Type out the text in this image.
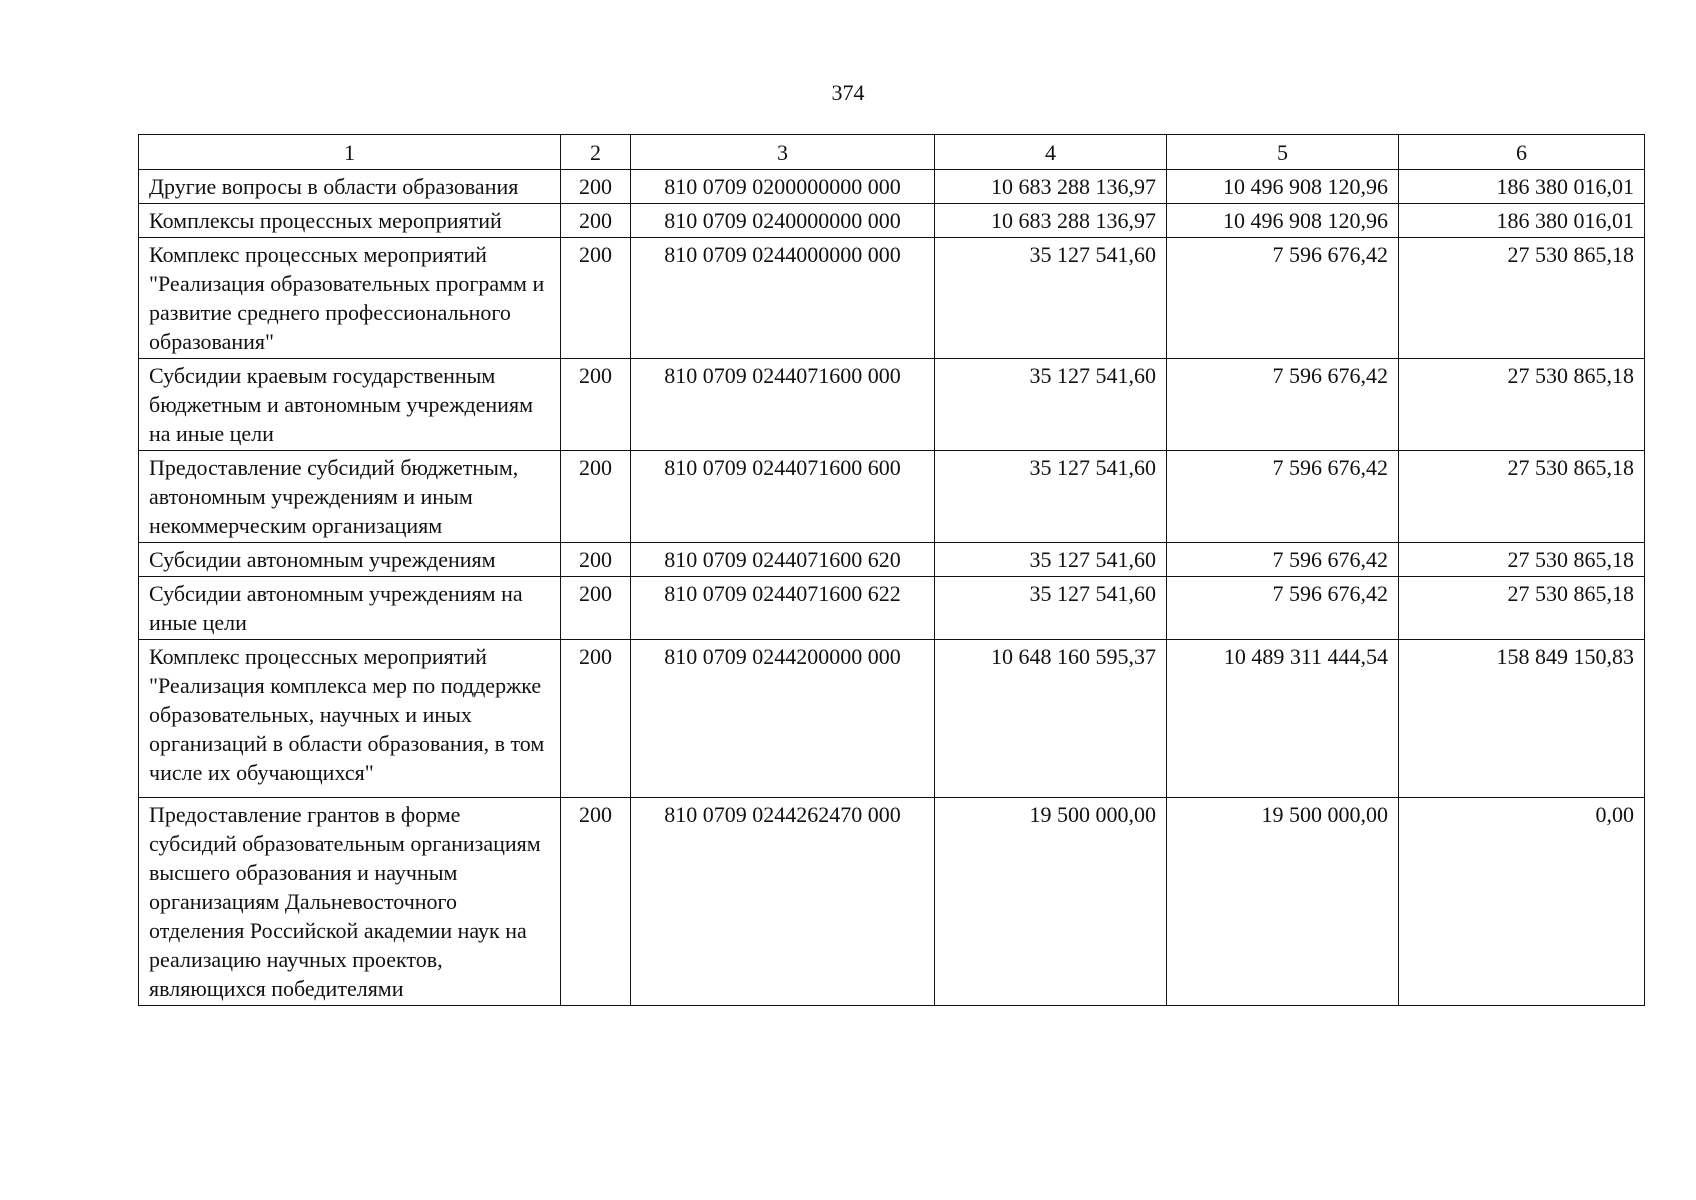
374
1	2	3	4	5	6
Другие вопросы в области образования	200	810 0709 0200000000 000	10 683 288 136,97	10 496 908 120,96	186 380 016,01
Комплексы процессных мероприятий	200	810 0709 0240000000 000	10 683 288 136,97	10 496 908 120,96	186 380 016,01
Комплекс процессных мероприятий "Реализация образовательных программ и развитие среднего профессионального образования"	200	810 0709 0244000000 000	35 127 541,60	7 596 676,42	27 530 865,18
Субсидии краевым государственным бюджетным и автономным учреждениям на иные цели	200	810 0709 0244071600 000	35 127 541,60	7 596 676,42	27 530 865,18
Предоставление субсидий бюджетным, автономным учреждениям и иным некоммерческим организациям	200	810 0709 0244071600 600	35 127 541,60	7 596 676,42	27 530 865,18
Субсидии автономным учреждениям	200	810 0709 0244071600 620	35 127 541,60	7 596 676,42	27 530 865,18
Субсидии автономным учреждениям на иные цели	200	810 0709 0244071600 622	35 127 541,60	7 596 676,42	27 530 865,18
Комплекс процессных мероприятий "Реализация комплекса мер по поддержке образовательных, научных и иных организаций в области образования, в том числе их обучающихся"	200	810 0709 0244200000 000	10 648 160 595,37	10 489 311 444,54	158 849 150,83
Предоставление грантов в форме субсидий образовательным организациям высшего образования и научным организациям Дальневосточного отделения Российской академии наук на реализацию научных проектов, являющихся победителями	200	810 0709 0244262470 000	19 500 000,00	19 500 000,00	0,00
